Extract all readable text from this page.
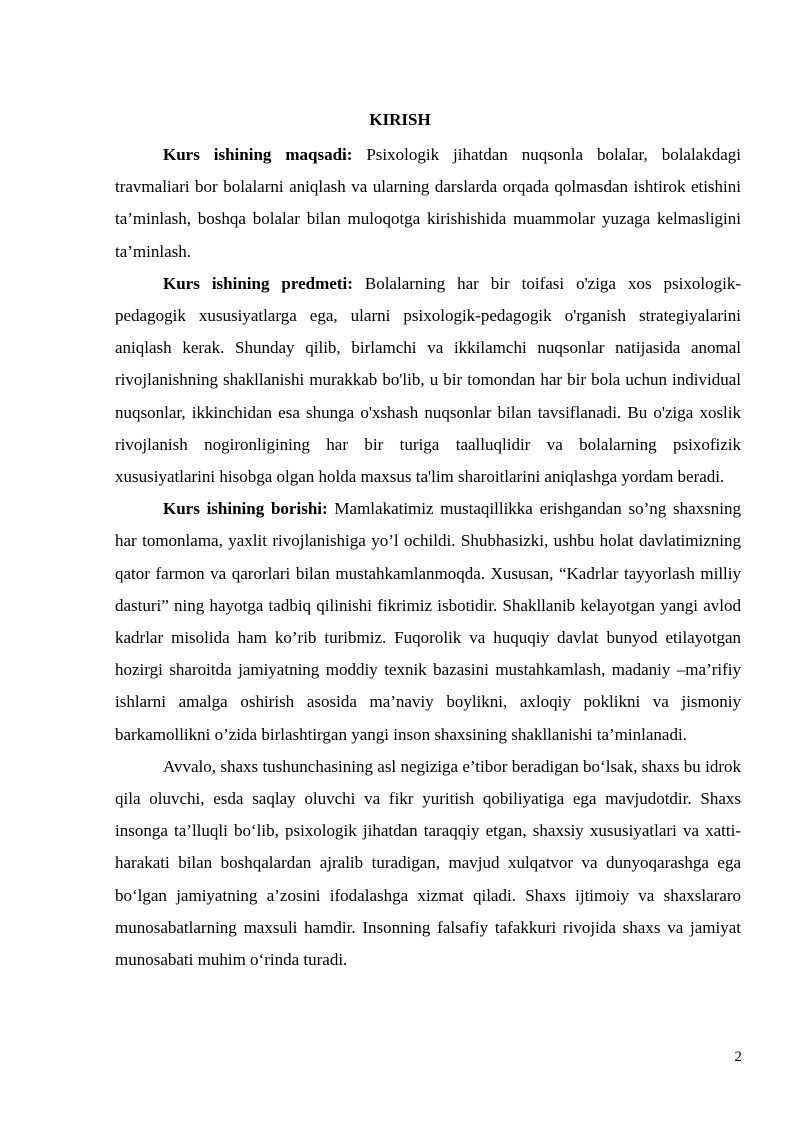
KIRISH

Kurs ishining maqsadi: Psixologik jihatdan nuqsonla bolalar, bolalakdagi travmaliari bor bolalarni aniqlash va ularning darslarda orqada qolmasdan ishtirok etishini ta’minlash, boshqa bolalar bilan muloqotga kirishishida muammolar yuzaga kelmasligini ta’minlash.

Kurs ishining predmeti: Bolalarning har bir toifasi o'ziga xos psixologik-pedagogik xususiyatlarga ega, ularni psixologik-pedagogik o'rganish strategiyalarini aniqlash kerak. Shunday qilib, birlamchi va ikkilamchi nuqsonlar natijasida anomal rivojlanishning shakllanishi murakkab bo'lib, u bir tomondan har bir bola uchun individual nuqsonlar, ikkinchidan esa shunga o'xshash nuqsonlar bilan tavsiflanadi. Bu o'ziga xoslik rivojlanish nogironligining har bir turiga taalluqlidir va bolalarning psixofizik xususiyatlarini hisobga olgan holda maxsus ta'lim sharoitlarini aniqlashga yordam beradi.

Kurs ishining borishi: Mamlakatimiz mustaqillikka erishgandan so’ng shaxsning har tomonlama, yaxlit rivojlanishiga yo’l ochildi. Shubhasizki, ushbu holat davlatimizning qator farmon va qarorlari bilan mustahkamlanmoqda. Xususan, “Kadrlar tayyorlash milliy dasturi” ning hayotga tadbiq qilinishi fikrimiz isbotidir. Shakllanib kelayotgan yangi avlod kadrlar misolida ham ko’rib turibmiz. Fuqorolik va huquqiy davlat bunyod etilayotgan hozirgi sharoitda jamiyatning moddiy texnik bazasini mustahkamlash, madaniy –ma’rifiy ishlarni amalga oshirish asosida ma’naviy boylikni, axloqiy poklikni va jismoniy barkamollikni o’zida birlashtirgan yangi inson shaxsining shakllanishi ta’minlanadi.

Avvalo, shaxs tushunchasining asl negiziga e’tibor beradigan bo‘lsak, shaxs bu idrok qila oluvchi, esda saqlay oluvchi va fikr yuritish qobiliyatiga ega mavjudotdir. Shaxs insonga ta’lluqli bo‘lib, psixologik jihatdan taraqqiy etgan, shaxsiy xususiyatlari va xatti-harakati bilan boshqalardan ajralib turadigan, mavjud xulqatvor va dunyoqarashga ega bo‘lgan jamiyatning a’zosini ifodalashga xizmat qiladi. Shaxs ijtimoiy va shaxslararo munosabatlarning maxsuli hamdir. Insonning falsafiy tafakkuri rivojida shaxs va jamiyat munosabati muhim o‘rinda turadi.

2
